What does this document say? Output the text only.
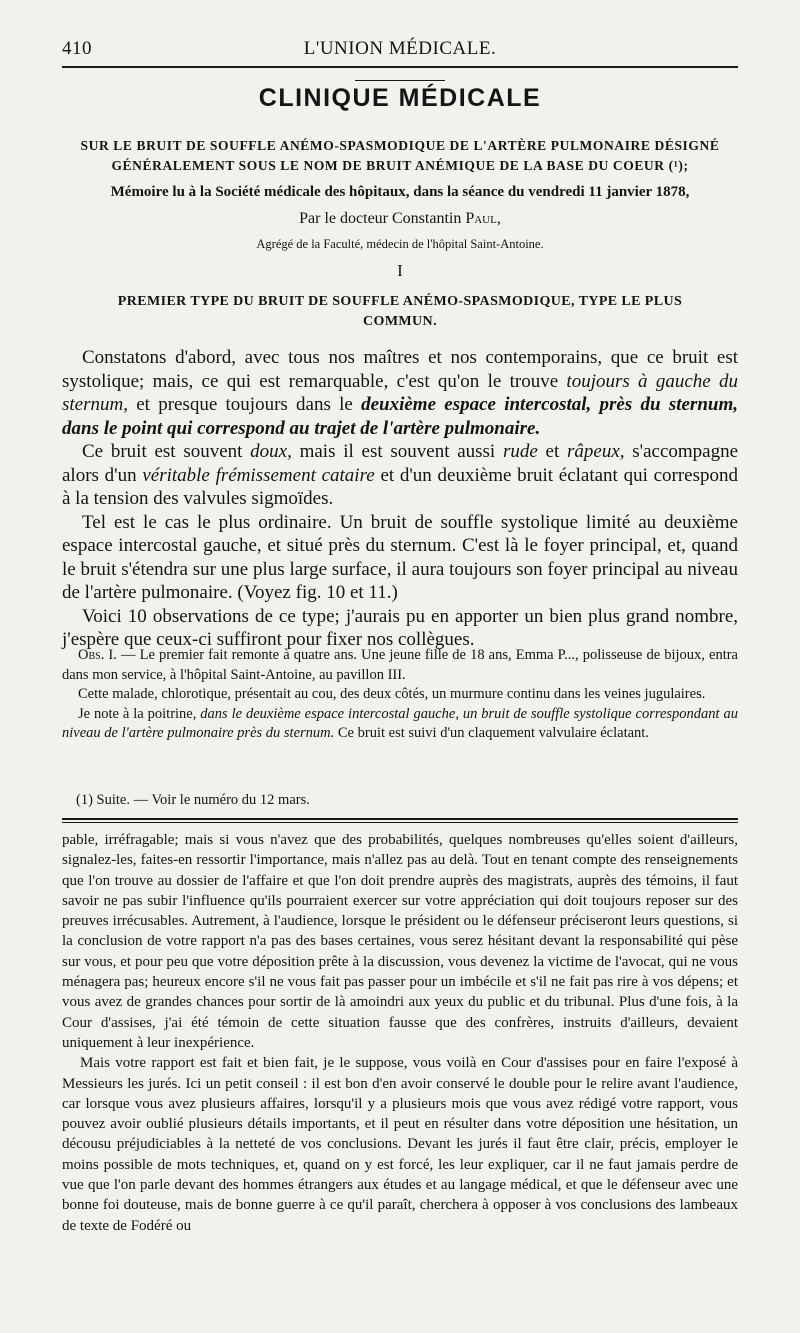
410	L'UNION MÉDICALE.
CLINIQUE MÉDICALE
SUR LE BRUIT DE SOUFFLE ANÉMO-SPASMODIQUE DE L'ARTÈRE PULMONAIRE DÉSIGNÉ
GÉNÉRALEMENT SOUS LE NOM DE BRUIT ANÉMIQUE DE LA BASE DU COEUR (¹);
Mémoire lu à la Société médicale des hôpitaux, dans la séance du vendredi 11 janvier 1878,
Par le docteur Constantin Paul,
Agrégé de la Faculté, médecin de l'hôpital Saint-Antoine.
I
PREMIER TYPE DU BRUIT DE SOUFFLE ANÉMO-SPASMODIQUE, TYPE LE PLUS
COMMUN.

Constatons d'abord, avec tous nos maîtres et nos contemporains, que ce bruit est systolique; mais, ce qui est remarquable, c'est qu'on le trouve toujours à gauche du sternum, et presque toujours dans le deuxième espace intercostal, près du sternum, dans le point qui correspond au trajet de l'artère pulmonaire.

Ce bruit est souvent doux, mais il est souvent aussi rude et râpeux, s'accompagne alors d'un véritable frémissement cataire et d'un deuxième bruit éclatant qui correspond à la tension des valvules sigmoïdes.

Tel est le cas le plus ordinaire. Un bruit de souffle systolique limité au deuxième espace intercostal gauche, et situé près du sternum. C'est là le foyer principal, et, quand le bruit s'étendra sur une plus large surface, il aura toujours son foyer principal au niveau de l'artère pulmonaire. (Voyez fig. 10 et 11.)

Voici 10 observations de ce type; j'aurais pu en apporter un bien plus grand nombre, j'espère que ceux-ci suffiront pour fixer nos collègues.

Obs. I. — Le premier fait remonte à quatre ans. Une jeune fille de 18 ans, Emma P..., polisseuse de bijoux, entra dans mon service, à l'hôpital Saint-Antoine, au pavillon III.

Cette malade, chlorotique, présentait au cou, des deux côtés, un murmure continu dans les veines jugulaires.

Je note à la poitrine, dans le deuxième espace intercostal gauche, un bruit de souffle systolique correspondant au niveau de l'artère pulmonaire près du sternum. Ce bruit est suivi d'un claquement valvulaire éclatant.

(1) Suite. — Voir le numéro du 12 mars.

pable, irréfragable; mais si vous n'avez que des probabilités, quelques nombreuses qu'elles soient d'ailleurs, signalez-les, faites-en ressortir l'importance, mais n'allez pas au delà. Tout en tenant compte des renseignements que l'on trouve au dossier de l'affaire et que l'on doit prendre auprès des magistrats, auprès des témoins, il faut savoir ne pas subir l'influence qu'ils pourraient exercer sur votre appréciation qui doit toujours reposer sur des preuves irrécusables. Autrement, à l'audience, lorsque le président ou le défenseur préciseront leurs questions, si la conclusion de votre rapport n'a pas des bases certaines, vous serez hésitant devant la responsabilité qui pèse sur vous, et pour peu que votre déposition prête à la discussion, vous devenez la victime de l'avocat, qui ne vous ménagera pas; heureux encore s'il ne vous fait pas passer pour un imbécile et s'il ne fait pas rire à vos dépens; et vous avez de grandes chances pour sortir de là amoindri aux yeux du public et du tribunal. Plus d'une fois, à la Cour d'assises, j'ai été témoin de cette situation fausse que des confrères, instruits d'ailleurs, devaient uniquement à leur inexpérience.

Mais votre rapport est fait et bien fait, je le suppose, vous voilà en Cour d'assises pour en faire l'exposé à Messieurs les jurés. Ici un petit conseil : il est bon d'en avoir conservé le double pour le relire avant l'audience, car lorsque vous avez plusieurs affaires, lorsqu'il y a plusieurs mois que vous avez rédigé votre rapport, vous pouvez avoir oublié plusieurs détails importants, et il peut en résulter dans votre déposition une hésitation, un décousu préjudiciables à la netteté de vos conclusions. Devant les jurés il faut être clair, précis, employer le moins possible de mots techniques, et, quand on y est forcé, les leur expliquer, car il ne faut jamais perdre de vue que l'on parle devant des hommes étrangers aux études et au langage médical, et que le défenseur avec une bonne foi douteuse, mais de bonne guerre à ce qu'il paraît, cherchera à opposer à vos conclusions des lambeaux de texte de Fodéré ou
